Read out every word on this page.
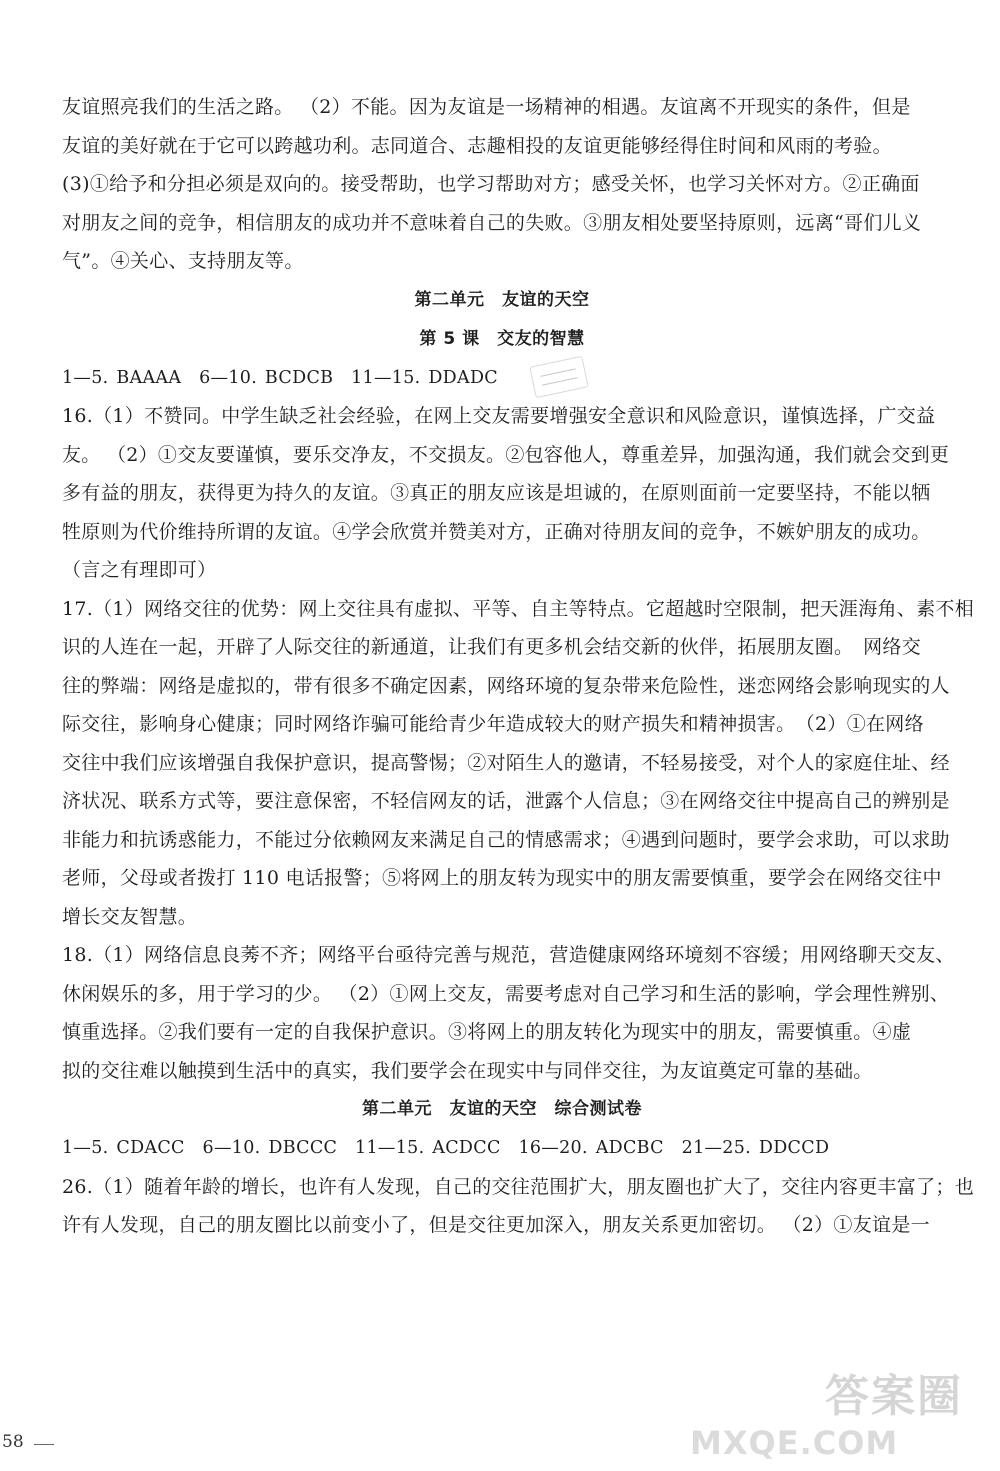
友谊照亮我们的生活之路。 （2）不能。因为友谊是一场精神的相遇。友谊离不开现实的条件，但是
友谊的美好就在于它可以跨越功利。志同道合、志趣相投的友谊更能够经得住时间和风雨的考验。
(3)①给予和分担必须是双向的。接受帮助，也学习帮助对方；感受关怀，也学习关怀对方。②正确面
对朋友之间的竞争，相信朋友的成功并不意味着自己的失败。③朋友相处要坚持原则，远离“哥们儿义
气”。④关心、支持朋友等。
第二单元　友谊的天空
第 5 课　交友的智慧
1—5. BAAAA　6—10. BCDCB　11—15. DDADC
16.（1）不赞同。中学生缺乏社会经验，在网上交友需要增强安全意识和风险意识，谨慎选择，广交益
友。 （2）①交友要谨慎，要乐交净友，不交损友。②包容他人，尊重差异，加强沟通，我们就会交到更
多有益的朋友，获得更为持久的友谊。③真正的朋友应该是坦诚的，在原则面前一定要坚持，不能以牺
牲原则为代价维持所谓的友谊。④学会欣赏并赞美对方，正确对待朋友间的竞争，不嫉妒朋友的成功。
（言之有理即可）
17.（1）网络交往的优势：网上交往具有虚拟、平等、自主等特点。它超越时空限制，把天涯海角、素不相
识的人连在一起，开辟了人际交往的新通道，让我们有更多机会结交新的伙伴，拓展朋友圈。　网络交
往的弊端：网络是虚拟的，带有很多不确定因素，网络环境的复杂带来危险性，迷恋网络会影响现实的人
际交往，影响身心健康；同时网络诈骗可能给青少年造成较大的财产损失和精神损害。　（2）①在网络
交往中我们应该增强自我保护意识，提高警惕；②对陌生人的邀请，不轻易接受，对个人的家庭住址、经
济状况、联系方式等，要注意保密，不轻信网友的话，泄露个人信息；③在网络交往中提高自己的辨别是
非能力和抗诱惑能力，不能过分依赖网友来满足自己的情感需求；④遇到问题时，要学会求助，可以求助
老师，父母或者拨打 110 电话报警；⑤将网上的朋友转为现实中的朋友需要慎重，要学会在网络交往中
增长交友智慧。
18.（1）网络信息良莠不齐；网络平台亟待完善与规范，营造健康网络环境刻不容缓；用网络聊天交友、
休闲娱乐的多，用于学习的少。 （2）①网上交友，需要考虑对自己学习和生活的影响，学会理性辨别、
慎重选择。②我们要有一定的自我保护意识。③将网上的朋友转化为现实中的朋友，需要慎重。④虚
拟的交往难以触摸到生活中的真实，我们要学会在现实中与同伴交往，为友谊奠定可靠的基础。
第二单元　友谊的天空　综合测试卷
1—5. CDACC　6—10. DBCCC　11—15. ACDCC　16—20. ADCBC　21—25. DDCCD
26.（1）随着年龄的增长，也许有人发现，自己的交往范围扩大，朋友圈也扩大了，交往内容更丰富了；也
许有人发现，自己的朋友圈比以前变小了，但是交往更加深入，朋友关系更加密切。 （2）①友谊是一
58
答案圈
MXQE.COM
